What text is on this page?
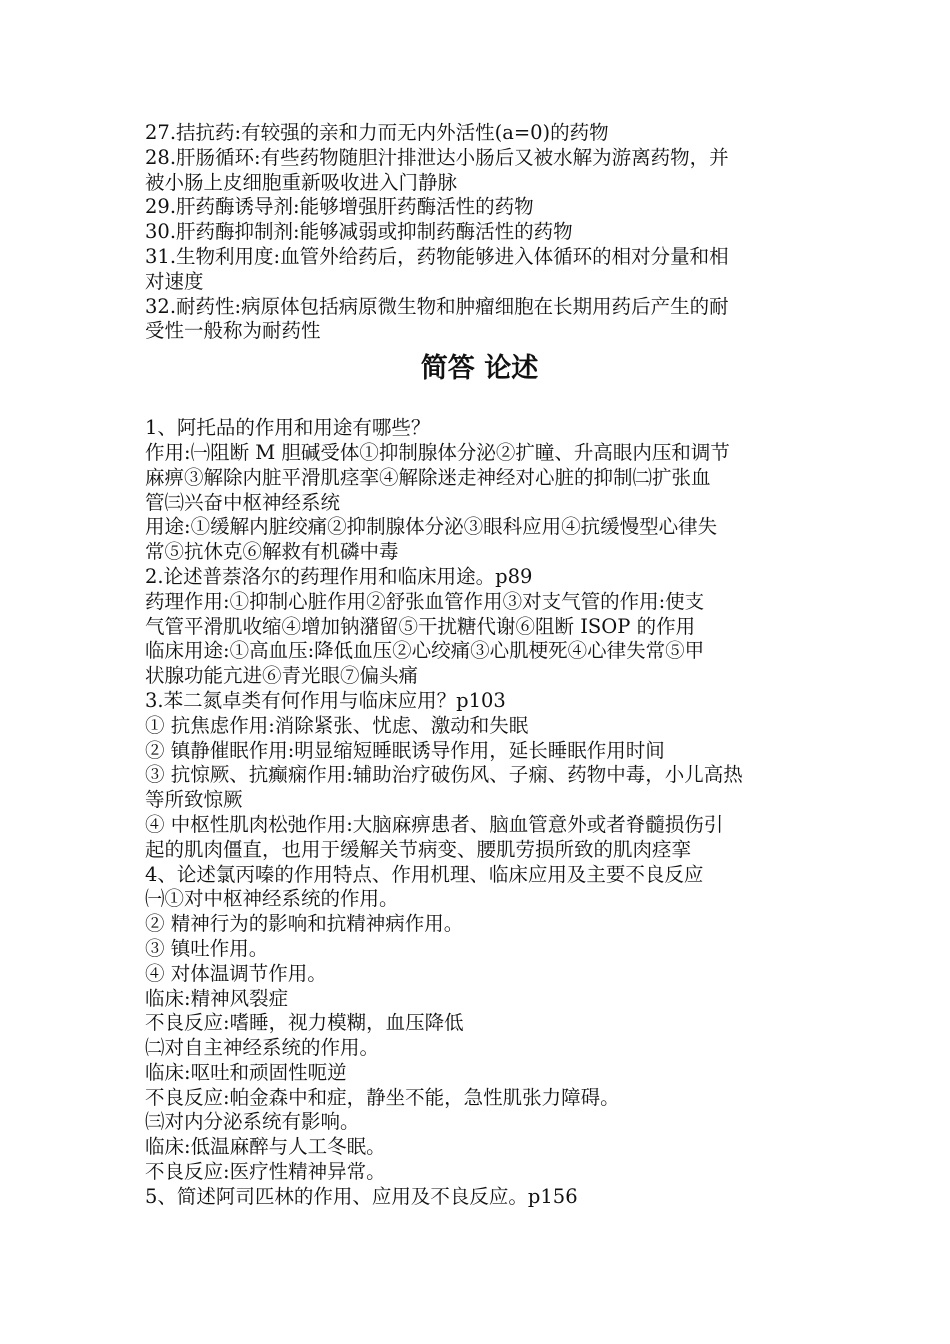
27.拮抗药:有较强的亲和力而无内外活性(a=0)的药物
28.肝肠循环:有些药物随胆汁排泄达小肠后又被水解为游离药物，并
被小肠上皮细胞重新吸收进入门静脉
29.肝药酶诱导剂:能够增强肝药酶活性的药物
30.肝药酶抑制剂:能够减弱或抑制药酶活性的药物
31.生物利用度:血管外给药后，药物能够进入体循环的相对分量和相
对速度
32.耐药性:病原体包括病原微生物和肿瘤细胞在长期用药后产生的耐
受性一般称为耐药性
简答 论述
1、阿托品的作用和用途有哪些？
作用:㈠阻断 M 胆碱受体①抑制腺体分泌②扩瞳、升高眼内压和调节
麻痹③解除内脏平滑肌痉挛④解除迷走神经对心脏的抑制㈡扩张血
管㈢兴奋中枢神经系统
用途:①缓解内脏绞痛②抑制腺体分泌③眼科应用④抗缓慢型心律失
常⑤抗休克⑥解救有机磷中毒
2.论述普萘洛尔的药理作用和临床用途。p89
药理作用:①抑制心脏作用②舒张血管作用③对支气管的作用:使支
气管平滑肌收缩④增加钠潴留⑤干扰糖代谢⑥阻断 ISOP 的作用
临床用途:①高血压:降低血压②心绞痛③心肌梗死④心律失常⑤甲
状腺功能亢进⑥青光眼⑦偏头痛
3.苯二氮卓类有何作用与临床应用？p103
① 抗焦虑作用:消除紧张、忧虑、激动和失眠
② 镇静催眠作用:明显缩短睡眠诱导作用，延长睡眠作用时间
③ 抗惊厥、抗癫痫作用:辅助治疗破伤风、子痫、药物中毒，小儿高热
等所致惊厥
④ 中枢性肌肉松弛作用:大脑麻痹患者、脑血管意外或者脊髓损伤引
起的肌肉僵直，也用于缓解关节病变、腰肌劳损所致的肌肉痉挛
4、论述氯丙嗪的作用特点、作用机理、临床应用及主要不良反应
㈠①对中枢神经系统的作用。
② 精神行为的影响和抗精神病作用。
③ 镇吐作用。
④ 对体温调节作用。
临床:精神风裂症
不良反应:嗜睡，视力模糊，血压降低
㈡对自主神经系统的作用。
临床:呕吐和顽固性呃逆
不良反应:帕金森中和症，静坐不能，急性肌张力障碍。
㈢对内分泌系统有影响。
临床:低温麻醉与人工冬眠。
不良反应:医疗性精神异常。
5、简述阿司匹林的作用、应用及不良反应。p156
